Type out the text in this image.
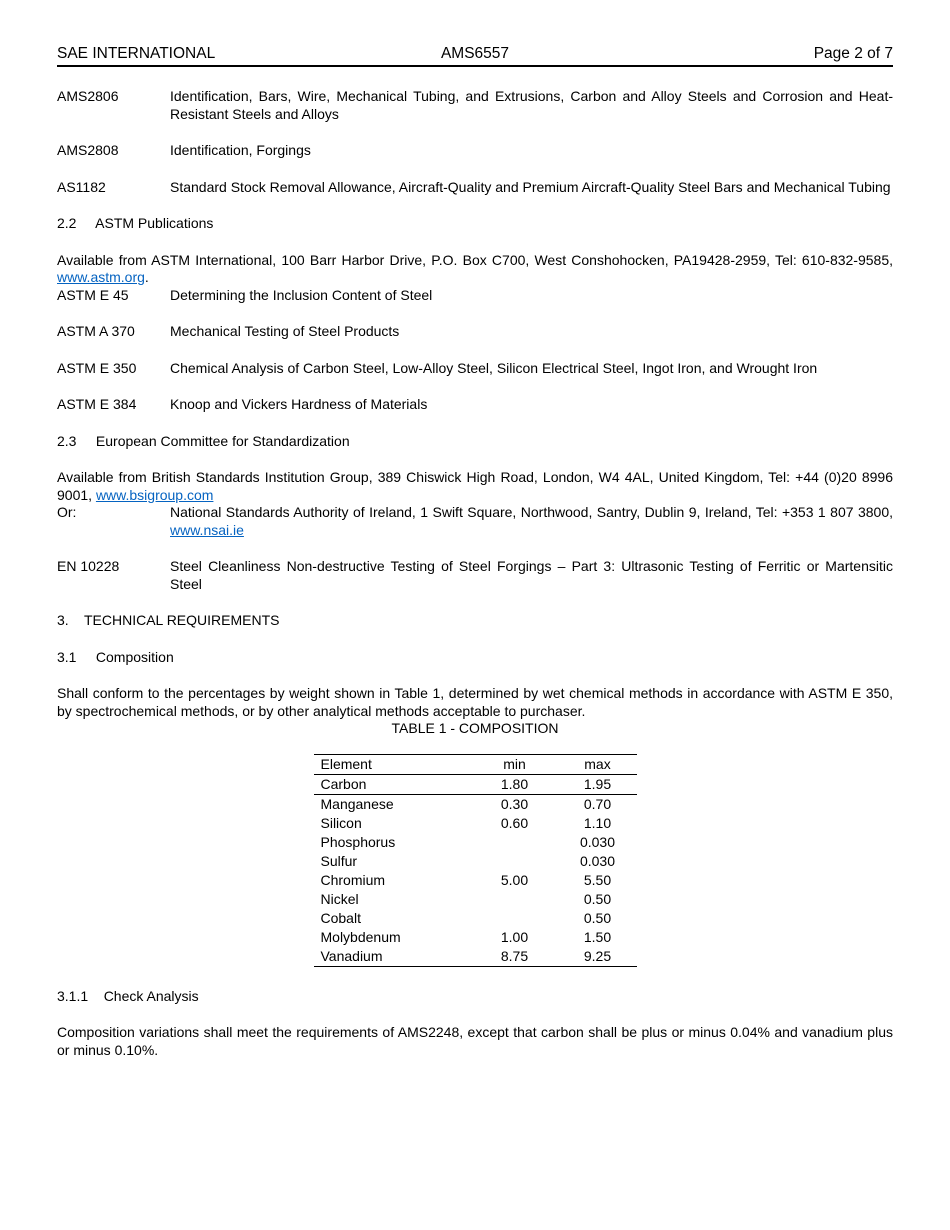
SAE INTERNATIONAL	AMS6557	Page 2 of 7
AMS2806	Identification, Bars, Wire, Mechanical Tubing, and Extrusions, Carbon and Alloy Steels and Corrosion and Heat-Resistant Steels and Alloys
AMS2808	Identification, Forgings
AS1182	Standard Stock Removal Allowance, Aircraft-Quality and Premium Aircraft-Quality Steel Bars and Mechanical Tubing
2.2     ASTM Publications

Available from ASTM International, 100 Barr Harbor Drive, P.O. Box C700, West Conshohocken, PA19428-2959, Tel: 610-832-9585, www.astm.org.

ASTM E 45	Determining the Inclusion Content of Steel
ASTM A 370	Mechanical Testing of Steel Products
ASTM E 350	Chemical Analysis of Carbon Steel, Low-Alloy Steel, Silicon Electrical Steel, Ingot Iron, and Wrought Iron
ASTM E 384	Knoop and Vickers Hardness of Materials
2.3     European Committee for Standardization

Available from British Standards Institution Group, 389 Chiswick High Road, London, W4 4AL, United Kingdom, Tel: +44 (0)20 8996 9001, www.bsigroup.com

Or:	National Standards Authority of Ireland, 1 Swift Square, Northwood, Santry, Dublin 9, Ireland, Tel: +353 1 807 3800, www.nsai.ie
EN 10228	Steel Cleanliness Non-destructive Testing of Steel Forgings – Part 3: Ultrasonic Testing of Ferritic or Martensitic Steel
3.    TECHNICAL REQUIREMENTS
3.1     Composition

Shall conform to the percentages by weight shown in Table 1, determined by wet chemical methods in accordance with ASTM E 350, by spectrochemical methods, or by other analytical methods acceptable to purchaser.

TABLE 1 - COMPOSITION
Element	min	max
Carbon	1.80	1.95
Manganese	0.30	0.70
Silicon	0.60	1.10
Phosphorus		0.030
Sulfur		0.030
Chromium	5.00	5.50
Nickel		0.50
Cobalt		0.50
Molybdenum	1.00	1.50
Vanadium	8.75	9.25
3.1.1    Check Analysis

Composition variations shall meet the requirements of AMS2248, except that carbon shall be plus or minus 0.04% and vanadium plus or minus 0.10%.
